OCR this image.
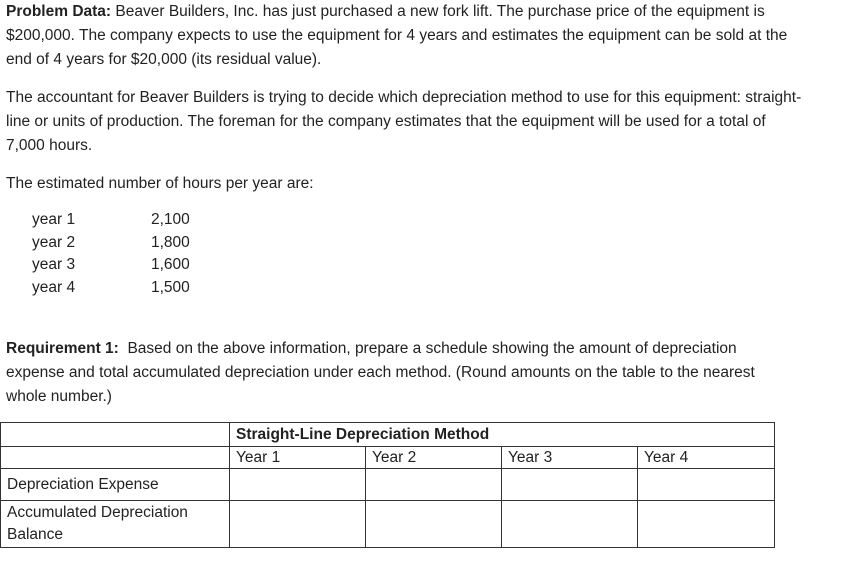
Problem Data: Beaver Builders, Inc. has just purchased a new fork lift. The purchase price of the equipment is $200,000. The company expects to use the equipment for 4 years and estimates the equipment can be sold at the end of 4 years for $20,000 (its residual value).

The accountant for Beaver Builders is trying to decide which depreciation method to use for this equipment: straight-line or units of production. The foreman for the company estimates that the equipment will be used for a total of 7,000 hours.

The estimated number of hours per year are:

year 1	2,100
year 2	1,800
year 3	1,600
year 4	1,500

Requirement 1:  Based on the above information, prepare a schedule showing the amount of depreciation expense and total accumulated depreciation under each method. (Round amounts on the table to the nearest whole number.)

	Straight-Line Depreciation Method			
	Year 1	Year 2	Year 3	Year 4
Depreciation Expense				
Accumulated Depreciation Balance				
